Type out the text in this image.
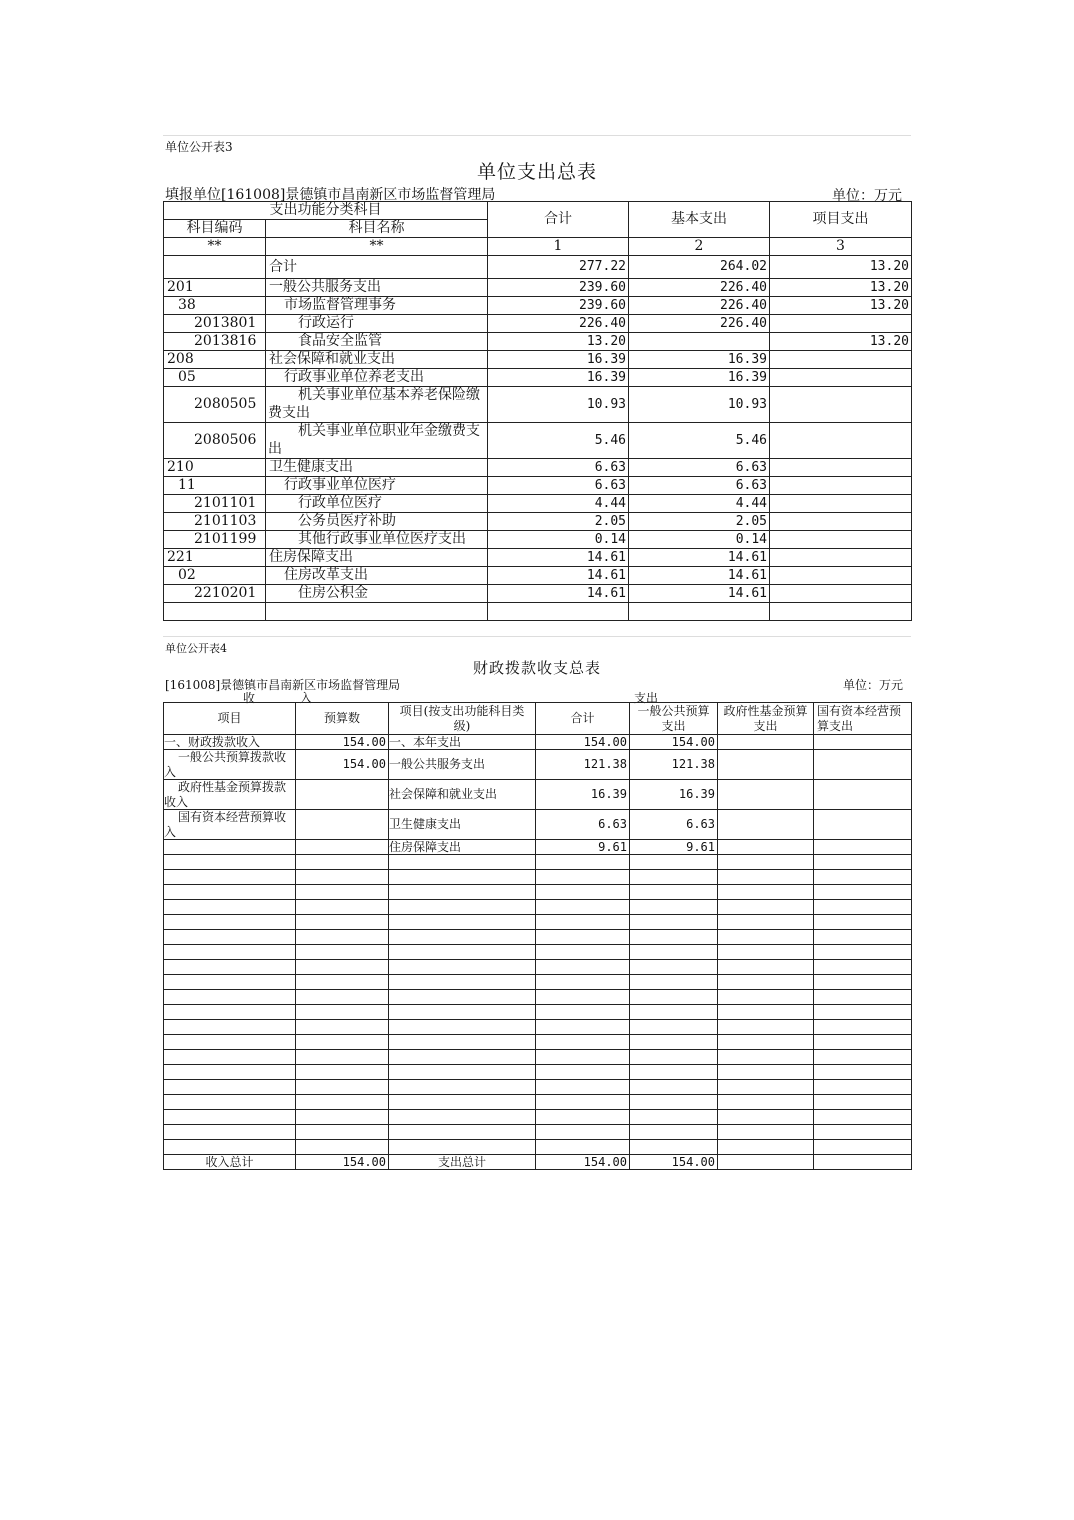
单位公开表3
单位支出总表
填报单位[161008]景德镇市昌南新区市场监督管理局	单位：万元
支出功能分类科目		合计	基本支出	项目支出
科目编码	科目名称			
**	**	1	2	3
	合计	277.22	264.02	13.20
201	一般公共服务支出	239.60	226.40	13.20
38	市场监督管理事务	239.60	226.40	13.20
2013801	行政运行	226.40	226.40	
2013816	食品安全监管	13.20		13.20
208	社会保障和就业支出	16.39	16.39	
05	行政事业单位养老支出	16.39	16.39	
2080505	机关事业单位基本养老保险缴费支出	10.93	10.93	
2080506	机关事业单位职业年金缴费支出	5.46	5.46	
210	卫生健康支出	6.63	6.63	
11	行政事业单位医疗	6.63	6.63	
2101101	行政单位医疗	4.44	4.44	
2101103	公务员医疗补助	2.05	2.05	
2101199	其他行政事业单位医疗支出	0.14	0.14	
221	住房保障支出	14.61	14.61	
02	住房改革支出	14.61	14.61	
2210201	住房公积金	14.61	14.61	

单位公开表4
财政拨款收支总表
[161008]景德镇市昌南新区市场监督管理局	单位：万元
收	入	支出
项目	预算数	项目(按支出功能科目类级)	合计	一般公共预算支出	政府性基金预算支出	国有资本经营预算支出
一、财政拨款收入	154.00	一、本年支出	154.00	154.00		
一般公共预算拨款收入	154.00	一般公共服务支出	121.38	121.38		
政府性基金预算拨款收入		社会保障和就业支出	16.39	16.39		
国有资本经营预算收入		卫生健康支出	6.63	6.63		
		住房保障支出	9.61	9.61		

收入总计	154.00	支出总计	154.00	154.00		
